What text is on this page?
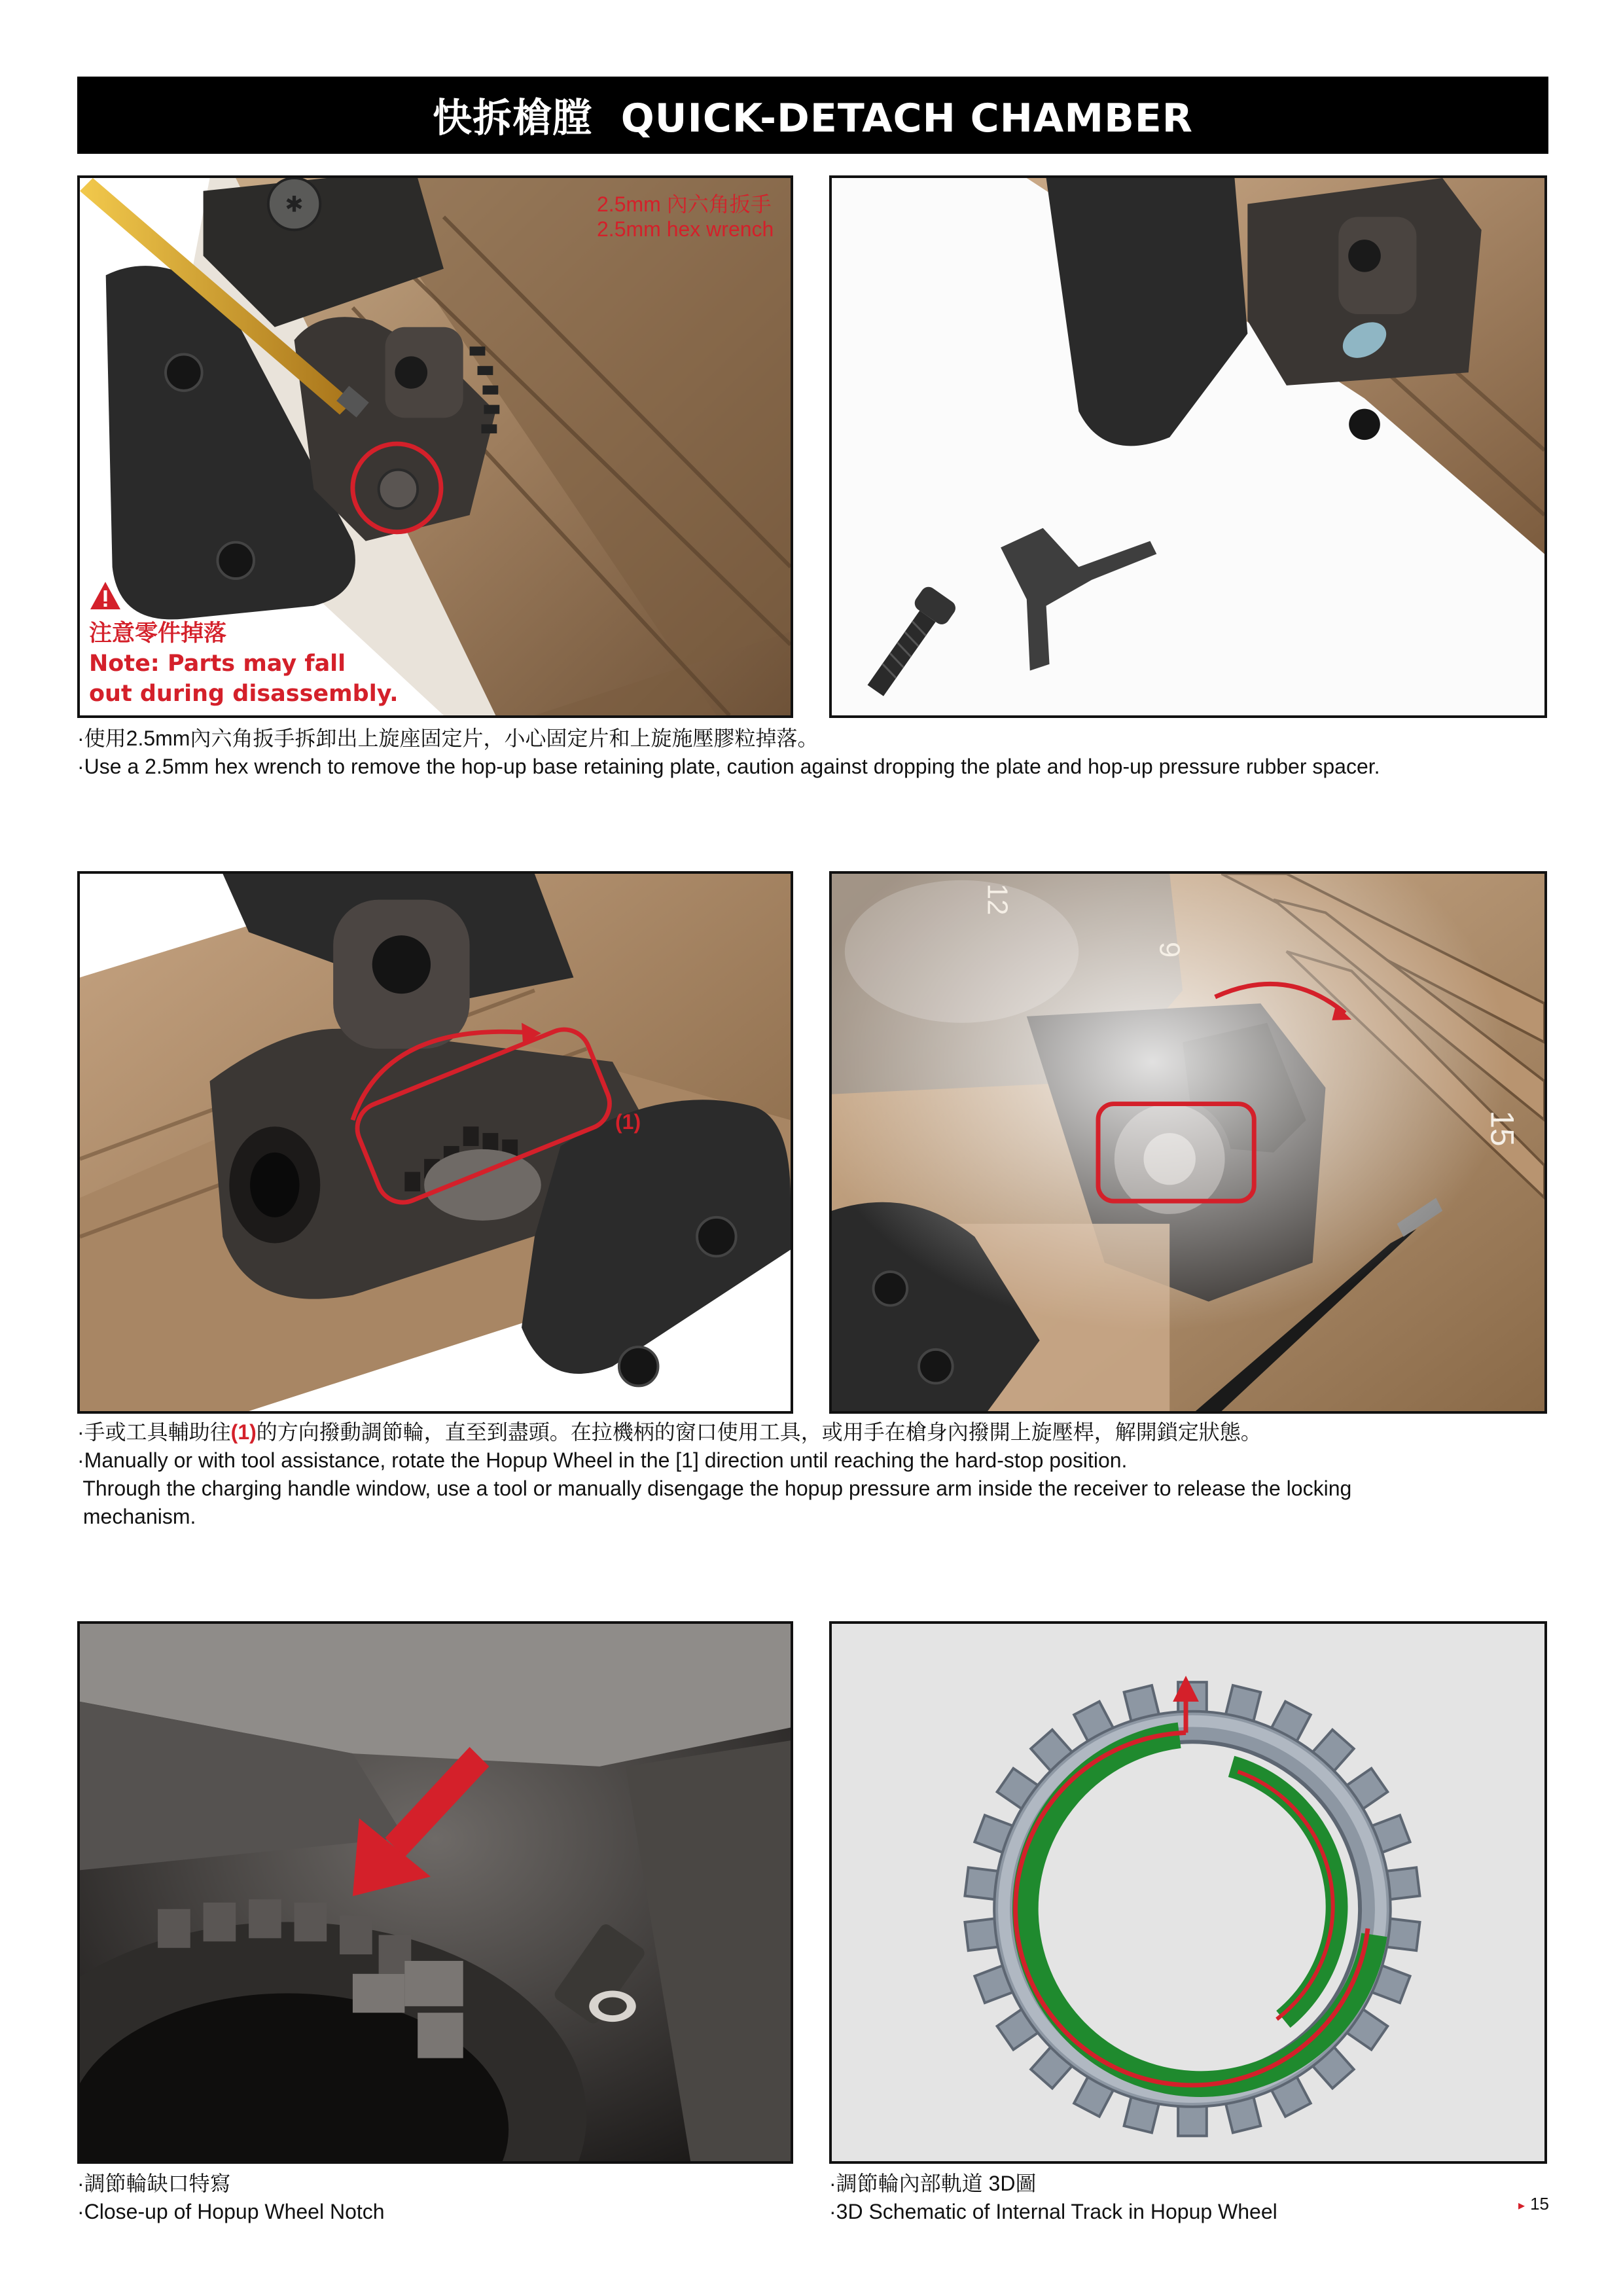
快拆槍膛 QUICK-DETACH CHAMBER
✱	2.5mm 內六角扳手
2.5mm hex wrench
注意零件掉落
Note: Parts may fall
out during disassembly.
·使用2.5mm內六角扳手拆卸出上旋座固定片，小心固定片和上旋施壓膠粒掉落。
·Use a 2.5mm hex wrench to remove the hop-up base retaining plate, caution against dropping the plate and hop-up pressure rubber spacer.
(1)
12
9
15
·手或工具輔助往(1)的方向撥動調節輪，直至到盡頭。在拉機柄的窗口使用工具，或用手在槍身內撥開上旋壓桿，解開鎖定狀態。
·Manually or with tool assistance, rotate the Hopup Wheel in the [1] direction until reaching the hard-stop position.
Through the charging handle window, use a tool or manually disengage the hopup pressure arm inside the receiver to release the locking
mechanism.
·調節輪缺口特寫
·Close-up of Hopup Wheel Notch
·調節輪內部軌道 3D圖
·3D Schematic of Internal Track in Hopup Wheel	▸ 15
